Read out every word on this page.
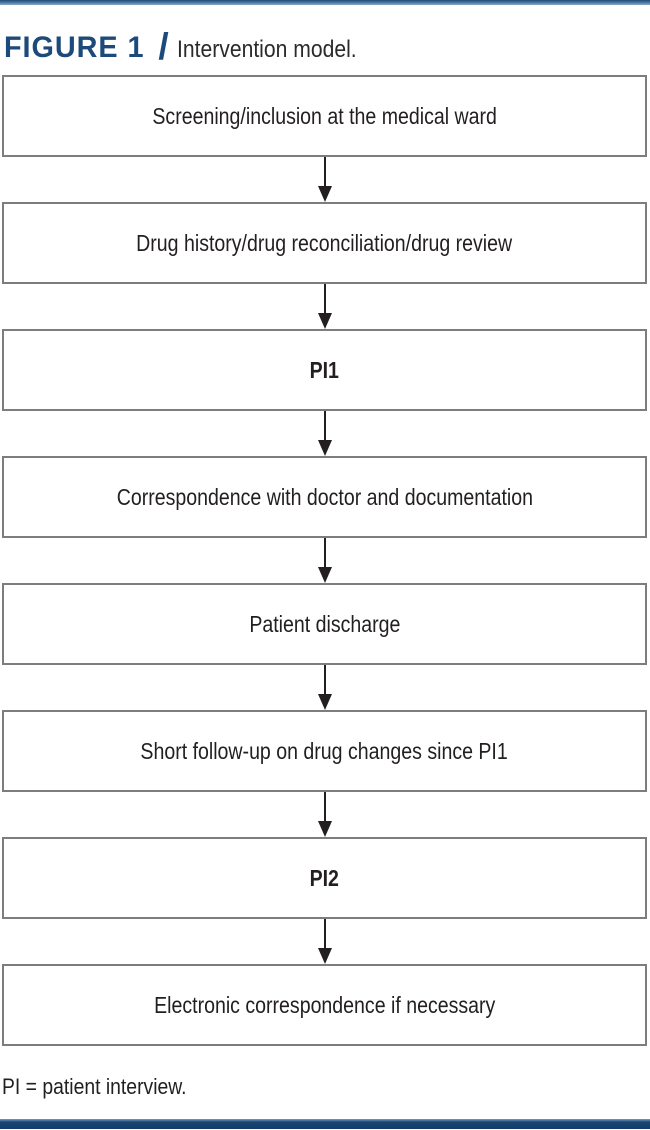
FIGURE 1 / Intervention model.
Screening/inclusion at the medical ward
Drug history/drug reconciliation/drug review
PI1
Correspondence with doctor and documentation
Patient discharge
Short follow-up on drug changes since PI1
PI2
Electronic correspondence if necessary
PI = patient interview.
